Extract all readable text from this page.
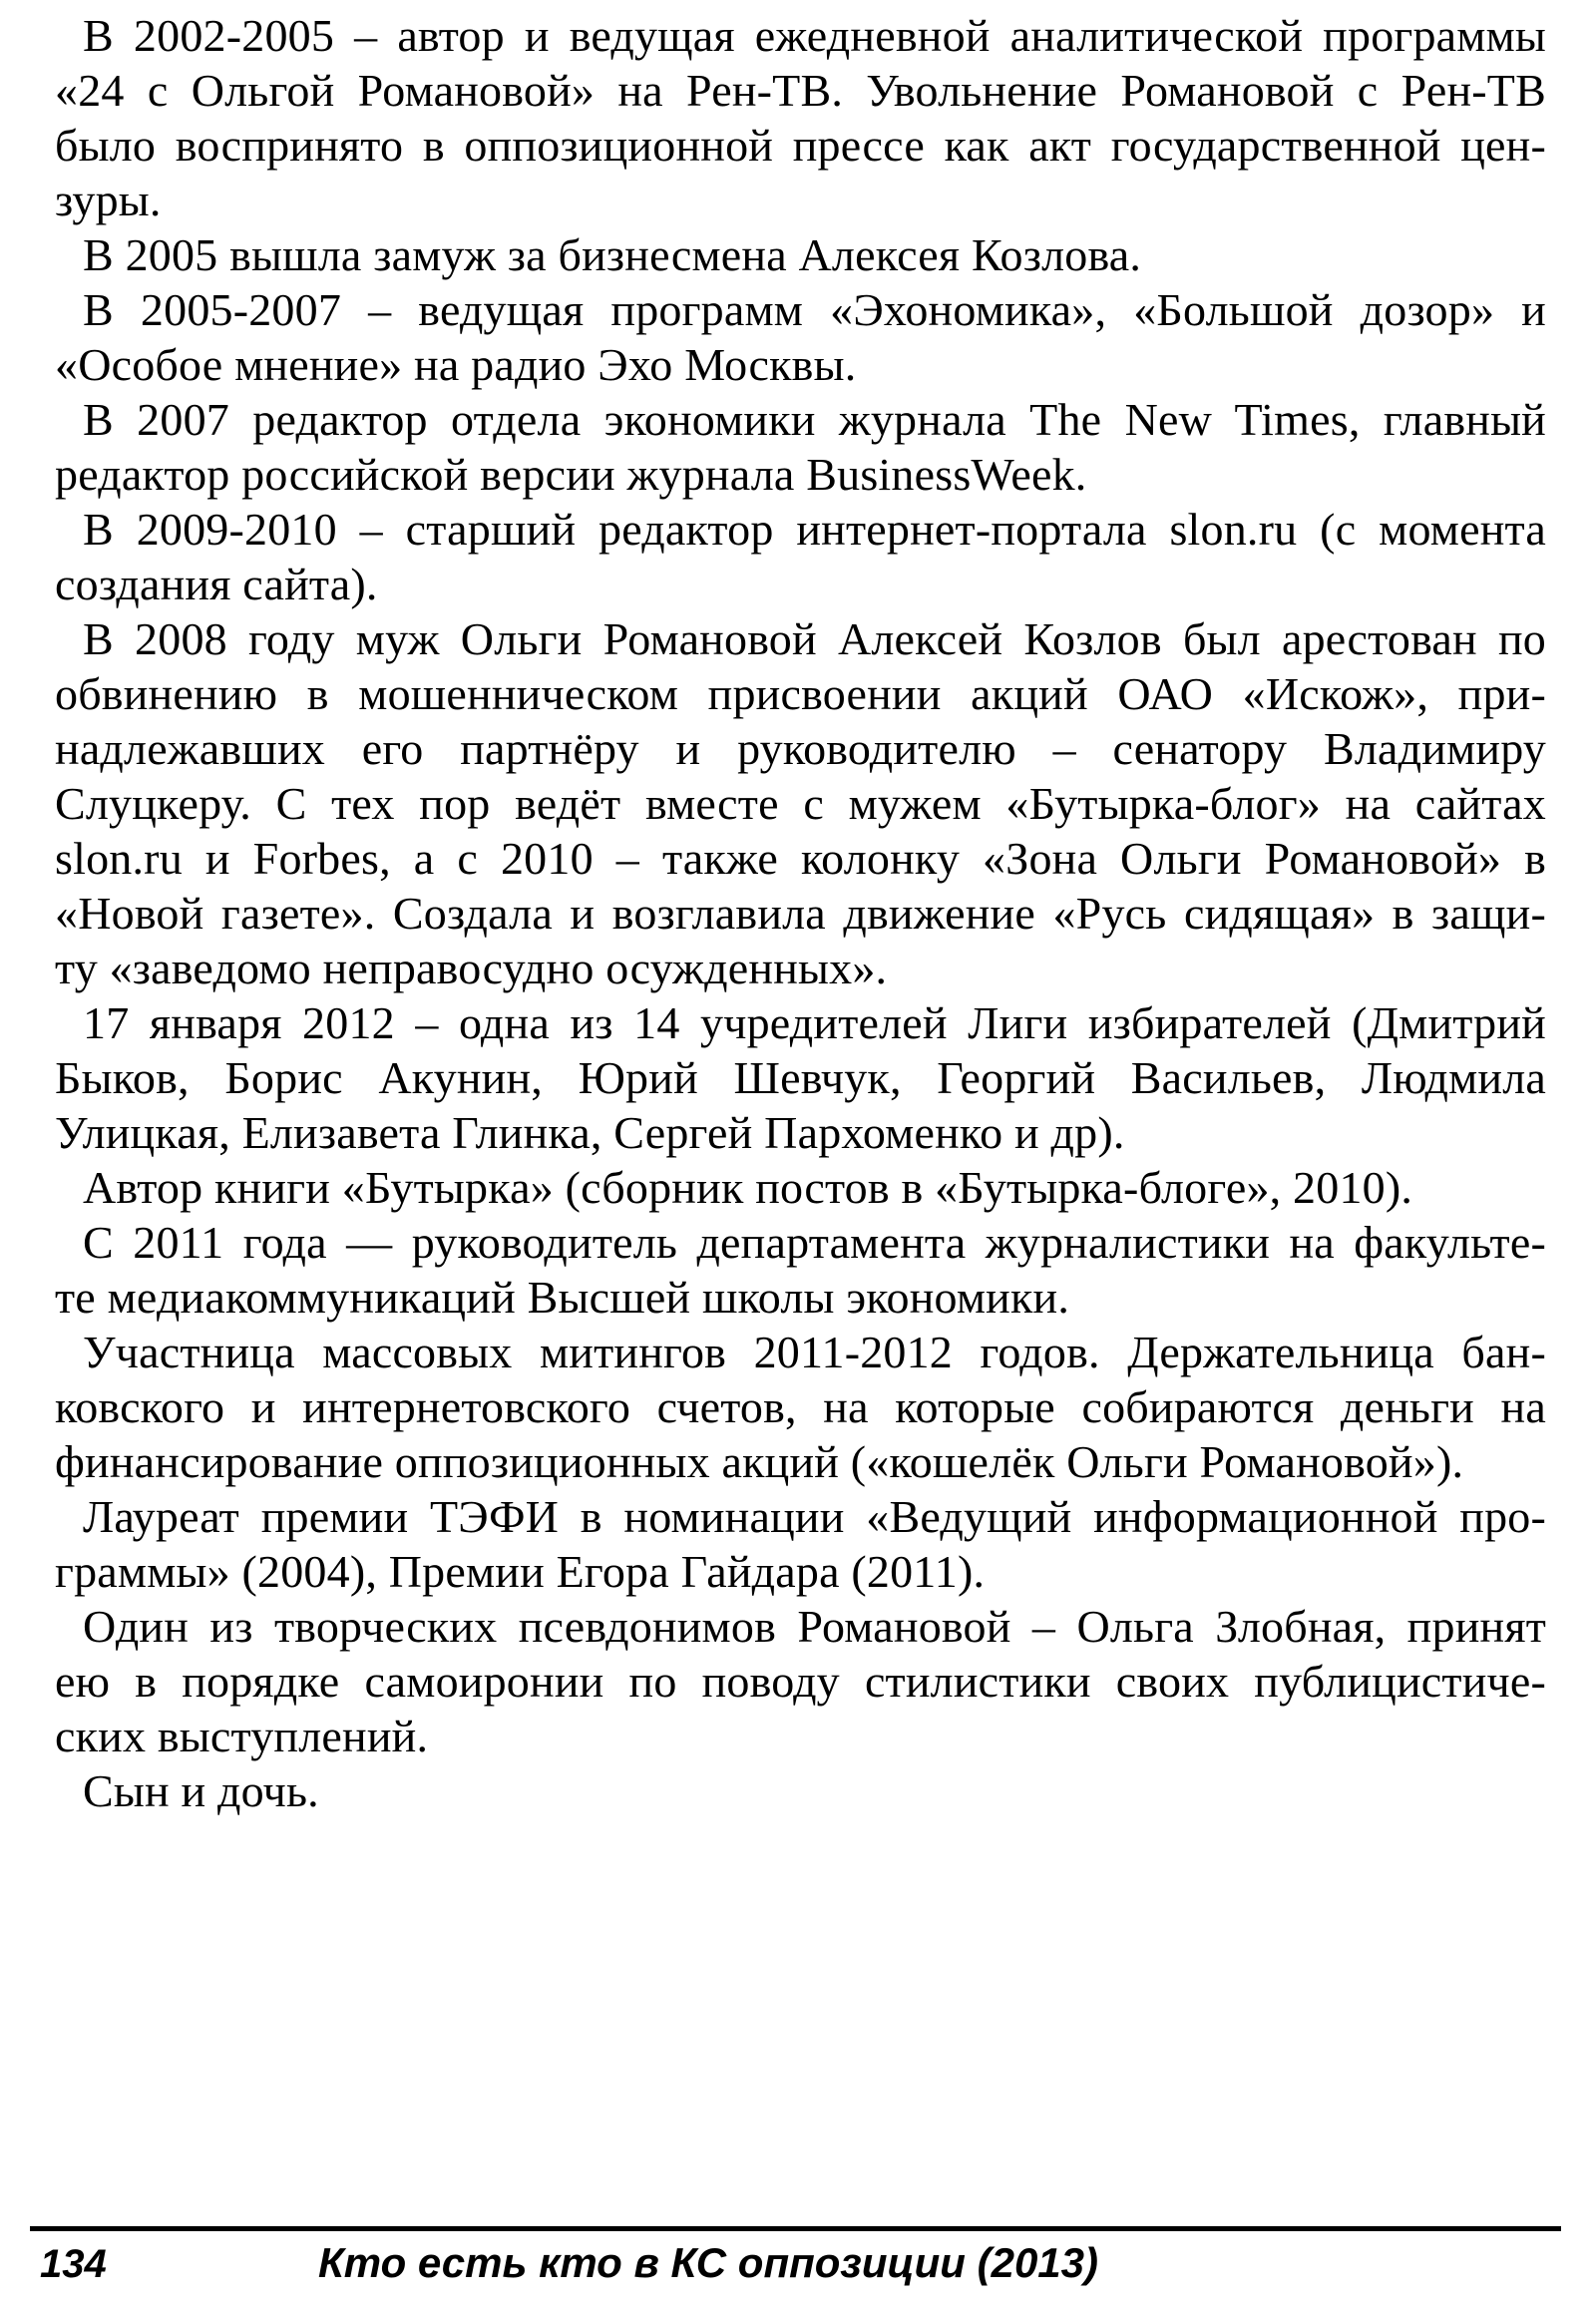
В 2002-2005 – автор и ведущая ежедневной аналитической программы
«24 с Ольгой Романовой» на Рен-ТВ. Увольнение Романовой с Рен-ТВ
было воспринято в оппозиционной прессе как акт государственной цен-
зуры.

В 2005 вышла замуж за бизнесмена Алексея Козлова.

В 2005-2007 – ведущая программ «Эхономика», «Большой дозор» и
«Особое мнение» на радио Эхо Москвы.

В 2007 редактор отдела экономики журнала The New Times, главный
редактор российской версии журнала BusinessWeek.

В 2009-2010 – старший редактор интернет-портала slon.ru (с момента
создания сайта).

В 2008 году муж Ольги Романовой Алексей Козлов был арестован по
обвинению в мошенническом присвоении акций ОАО «Искож», при-
надлежавших его партнёру и руководителю – сенатору Владимиру
Слуцкеру. С тех пор ведёт вместе с мужем «Бутырка-блог» на сайтах
slon.ru и Forbes, а с 2010 – также колонку «Зона Ольги Романовой» в
«Новой газете». Создала и возглавила движение «Русь сидящая» в защи-
ту «заведомо неправосудно осужденных».

17 января 2012 – одна из 14 учредителей Лиги избирателей (Дмитрий
Быков, Борис Акунин, Юрий Шевчук, Георгий Васильев, Людмила
Улицкая, Елизавета Глинка, Сергей Пархоменко и др).

Автор книги «Бутырка» (сборник постов в «Бутырка-блоге», 2010).

С 2011 года — руководитель департамента журналистики на факульте-
те медиакоммуникаций Высшей школы экономики.

Участница массовых митингов 2011-2012 годов. Держательница бан-
ковского и интернетовского счетов, на которые собираются деньги на
финансирование оппозиционных акций («кошелёк Ольги Романовой»).

Лауреат премии ТЭФИ в номинации «Ведущий информационной про-
граммы» (2004), Премии Егора Гайдара (2011).

Один из творческих псевдонимов Романовой – Ольга Злобная, принят
ею в порядке самоиронии по поводу стилистики своих публицистиче-
ских выступлений.

Сын и дочь.

134	Кто есть кто в КС оппозиции (2013)
